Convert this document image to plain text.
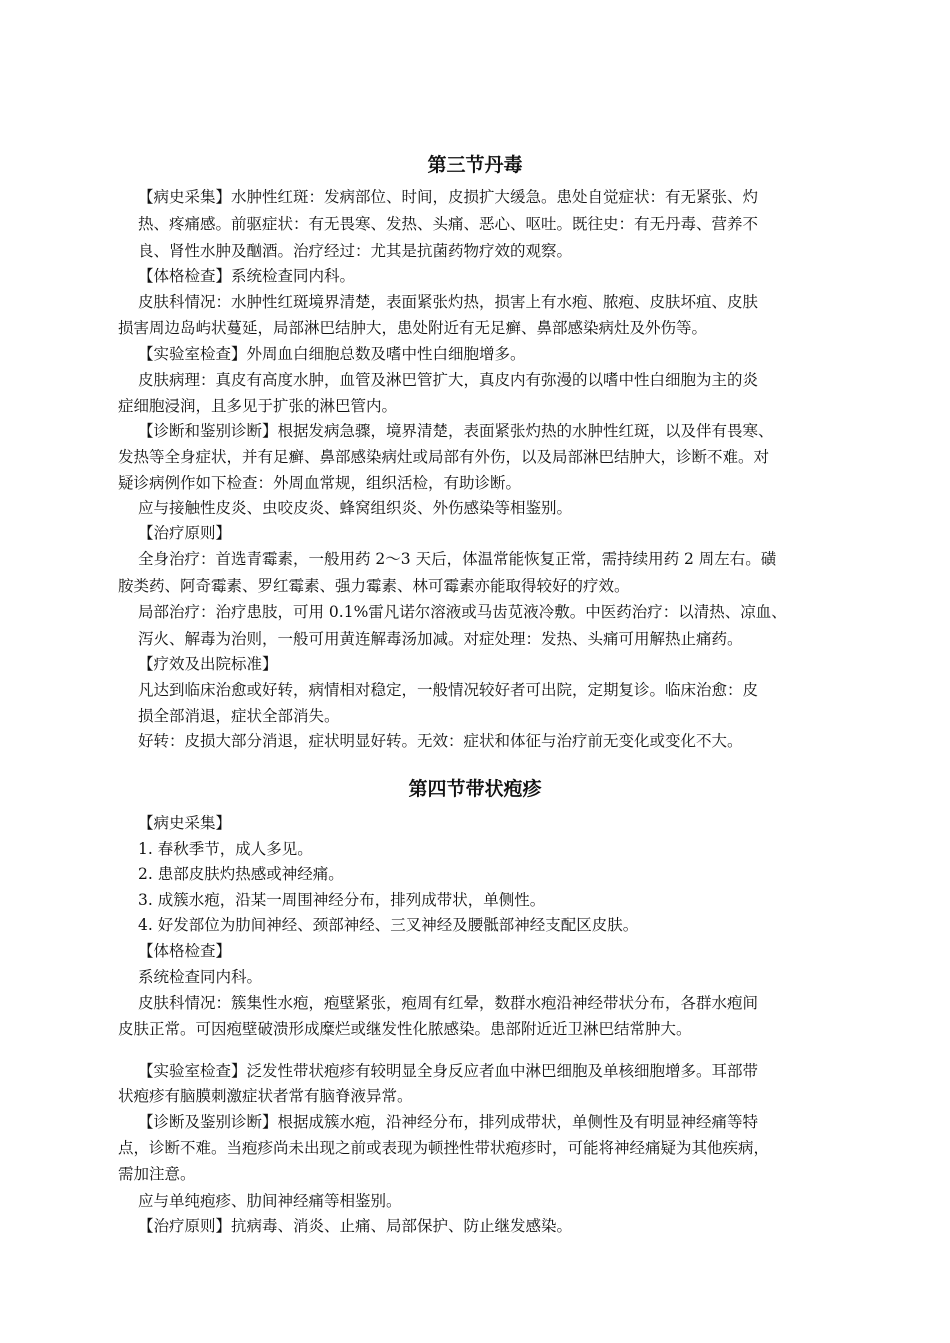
第三节丹毒
【病史采集】水肿性红斑：发病部位、时间，皮损扩大缓急。患处自觉症状：有无紧张、灼
热、疼痛感。前驱症状：有无畏寒、发热、头痛、恶心、呕吐。既往史：有无丹毒、营养不
良、肾性水肿及酗酒。治疗经过：尤其是抗菌药物疗效的观察。
【体格检查】系统检查同内科。
皮肤科情况：水肿性红斑境界清楚，表面紧张灼热，损害上有水疱、脓疱、皮肤坏疽、皮肤
损害周边岛屿状蔓延，局部淋巴结肿大，患处附近有无足癣、鼻部感染病灶及外伤等。
【实验室检查】外周血白细胞总数及嗜中性白细胞增多。
皮肤病理：真皮有高度水肿，血管及淋巴管扩大，真皮内有弥漫的以嗜中性白细胞为主的炎
症细胞浸润，且多见于扩张的淋巴管内。
【诊断和鉴别诊断】根据发病急骤，境界清楚，表面紧张灼热的水肿性红斑，以及伴有畏寒、
发热等全身症状，并有足癣、鼻部感染病灶或局部有外伤，以及局部淋巴结肿大，诊断不难。对
疑诊病例作如下检查：外周血常规，组织活检，有助诊断。
应与接触性皮炎、虫咬皮炎、蜂窝组织炎、外伤感染等相鉴别。
【治疗原则】
全身治疗：首选青霉素，一般用药 2～3 天后，体温常能恢复正常，需持续用药 2 周左右。磺
胺类药、阿奇霉素、罗红霉素、强力霉素、林可霉素亦能取得较好的疗效。
局部治疗：治疗患肢，可用 0.1%雷凡诺尔溶液或马齿苋液冷敷。中医药治疗：以清热、凉血、
泻火、解毒为治则，一般可用黄连解毒汤加减。对症处理：发热、头痛可用解热止痛药。
【疗效及出院标准】
凡达到临床治愈或好转，病情相对稳定，一般情况较好者可出院，定期复诊。临床治愈：皮
损全部消退，症状全部消失。
好转：皮损大部分消退，症状明显好转。无效：症状和体征与治疗前无变化或变化不大。
第四节带状疱疹
【病史采集】
1. 春秋季节，成人多见。
2. 患部皮肤灼热感或神经痛。
3. 成簇水疱，沿某一周围神经分布，排列成带状，单侧性。
4. 好发部位为肋间神经、颈部神经、三叉神经及腰骶部神经支配区皮肤。
【体格检查】
系统检查同内科。
皮肤科情况：簇集性水疱，疱壁紧张，疱周有红晕，数群水疱沿神经带状分布，各群水疱间
皮肤正常。可因疱壁破溃形成糜烂或继发性化脓感染。患部附近近卫淋巴结常肿大。
【实验室检查】泛发性带状疱疹有较明显全身反应者血中淋巴细胞及单核细胞增多。耳部带
状疱疹有脑膜刺激症状者常有脑脊液异常。
【诊断及鉴别诊断】根据成簇水疱，沿神经分布，排列成带状，单侧性及有明显神经痛等特
点，诊断不难。当疱疹尚未出现之前或表现为顿挫性带状疱疹时，可能将神经痛疑为其他疾病，
需加注意。
应与单纯疱疹、肋间神经痛等相鉴别。
【治疗原则】抗病毒、消炎、止痛、局部保护、防止继发感染。
